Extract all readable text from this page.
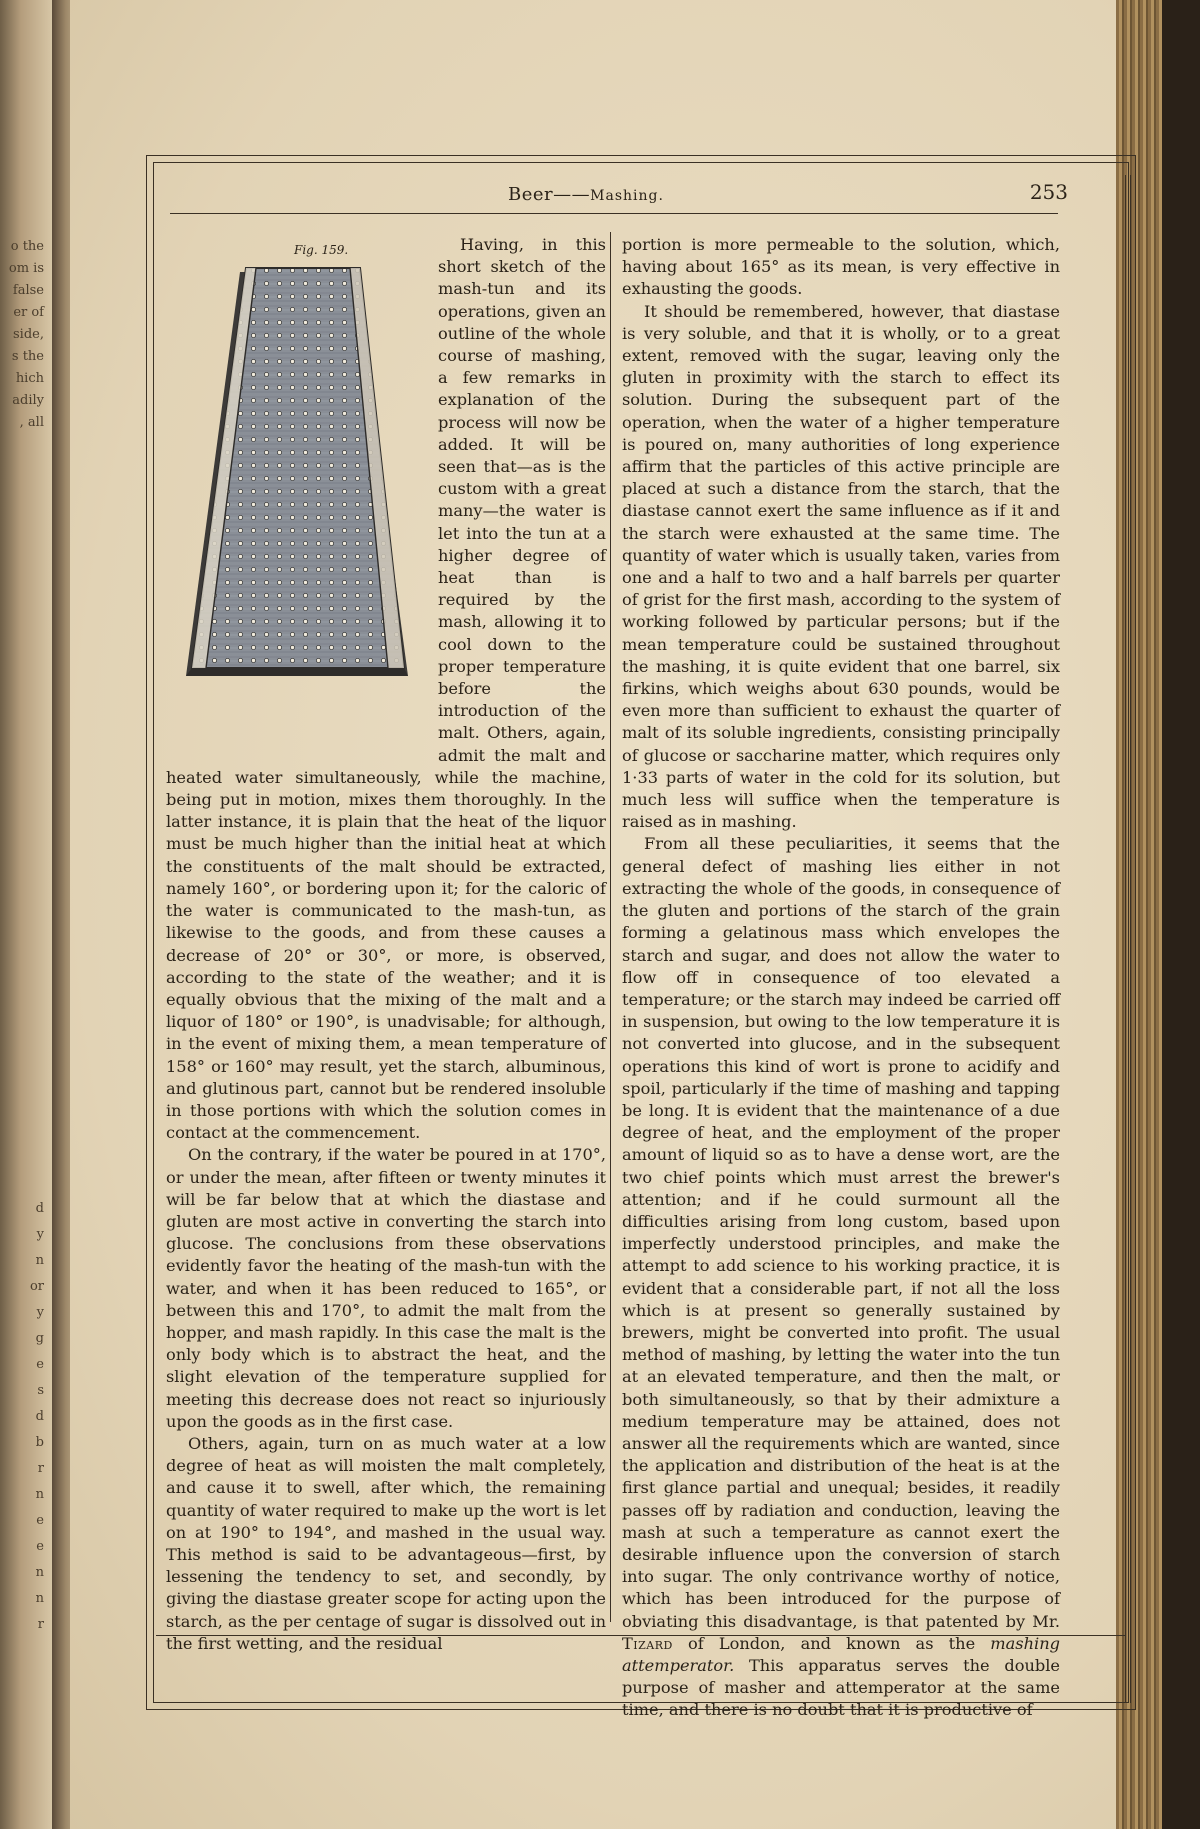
o the
om is
false
er of
side,
s the
hich
adily
, all
d
y
n
or
y
g
e
s
d
b
r
n
e
e
n
n
r
Beer——Mashing.	253

Fig. 159.	Having, in this short sketch of the mash-tun and its operations, given an outline of the whole course of mashing, a few remarks in explanation of the process will now be added. It will be seen that—as is the custom with a great many—the water is let into the tun at a higher degree of heat than is required by the mash, allowing it to cool down to the proper temperature before the introduction of the malt. Others, again, admit the malt and heated water simultaneously, while the machine, being put in motion, mixes them thoroughly. In the latter instance, it is plain that the heat of the liquor must be much higher than the initial heat at which the constituents of the malt should be extracted, namely 160°, or bordering upon it; for the caloric of the water is communicated to the mash-tun, as likewise to the goods, and from these causes a decrease of 20° or 30°, or more, is observed, according to the state of the weather; and it is equally obvious that the mixing of the malt and a liquor of 180° or 190°, is unadvisable; for although, in the event of mixing them, a mean temperature of 158° or 160° may result, yet the starch, albuminous, and glutinous part, cannot but be rendered insoluble in those portions with which the solution comes in contact at the commencement.

On the contrary, if the water be poured in at 170°, or under the mean, after fifteen or twenty minutes it will be far below that at which the diastase and gluten are most active in converting the starch into glucose. The conclusions from these observations evidently favor the heating of the mash-tun with the water, and when it has been reduced to 165°, or between this and 170°, to admit the malt from the hopper, and mash rapidly. In this case the malt is the only body which is to abstract the heat, and the slight elevation of the temperature supplied for meeting this decrease does not react so injuriously upon the goods as in the first case.

Others, again, turn on as much water at a low degree of heat as will moisten the malt completely, and cause it to swell, after which, the remaining quantity of water required to make up the wort is let on at 190° to 194°, and mashed in the usual way. This method is said to be advantageous—first, by lessening the tendency to set, and secondly, by giving the diastase greater scope for acting upon the starch, as the per centage of sugar is dissolved out in the first wetting, and the residual

portion is more permeable to the solution, which, having about 165° as its mean, is very effective in exhausting the goods.

It should be remembered, however, that diastase is very soluble, and that it is wholly, or to a great extent, removed with the sugar, leaving only the gluten in proximity with the starch to effect its solution. During the subsequent part of the operation, when the water of a higher temperature is poured on, many authorities of long experience affirm that the particles of this active principle are placed at such a distance from the starch, that the diastase cannot exert the same influence as if it and the starch were exhausted at the same time. The quantity of water which is usually taken, varies from one and a half to two and a half barrels per quarter of grist for the first mash, according to the system of working followed by particular persons; but if the mean temperature could be sustained throughout the mashing, it is quite evident that one barrel, six firkins, which weighs about 630 pounds, would be even more than sufficient to exhaust the quarter of malt of its soluble ingredients, consisting principally of glucose or saccharine matter, which requires only 1·33 parts of water in the cold for its solution, but much less will suffice when the temperature is raised as in mashing.

From all these peculiarities, it seems that the general defect of mashing lies either in not extracting the whole of the goods, in consequence of the gluten and portions of the starch of the grain forming a gelatinous mass which envelopes the starch and sugar, and does not allow the water to flow off in consequence of too elevated a temperature; or the starch may indeed be carried off in suspension, but owing to the low temperature it is not converted into glucose, and in the subsequent operations this kind of wort is prone to acidify and spoil, particularly if the time of mashing and tapping be long. It is evident that the maintenance of a due degree of heat, and the employment of the proper amount of liquid so as to have a dense wort, are the two chief points which must arrest the brewer's attention; and if he could surmount all the difficulties arising from long custom, based upon imperfectly understood principles, and make the attempt to add science to his working practice, it is evident that a considerable part, if not all the loss which is at present so generally sustained by brewers, might be converted into profit. The usual method of mashing, by letting the water into the tun at an elevated temperature, and then the malt, or both simultaneously, so that by their admixture a medium temperature may be attained, does not answer all the requirements which are wanted, since the application and distribution of the heat is at the first glance partial and unequal; besides, it readily passes off by radiation and conduction, leaving the mash at such a temperature as cannot exert the desirable influence upon the conversion of starch into sugar. The only contrivance worthy of notice, which has been introduced for the purpose of obviating this disadvantage, is that patented by Mr. Tizard of London, and known as the mashing attemperator. This apparatus serves the double purpose of masher and attemperator at the same time, and there is no doubt that it is productive of
